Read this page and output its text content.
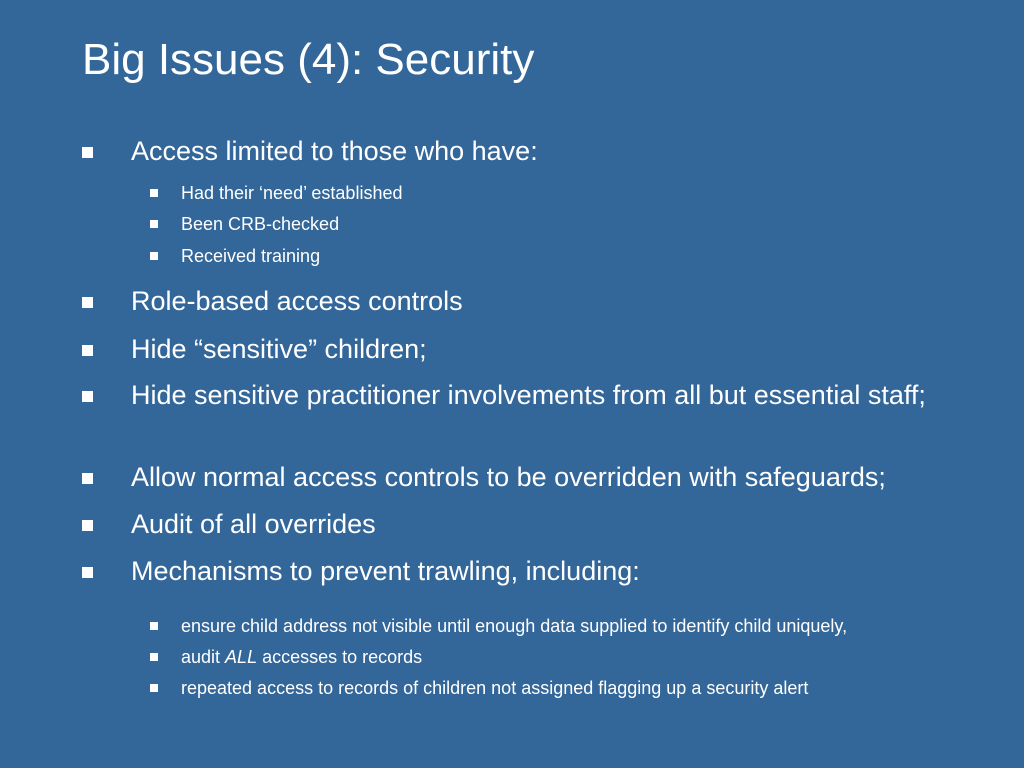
Big Issues (4): Security
Access limited to those who have:
Had their ‘need’ established
Been CRB-checked
Received training
Role-based access controls
Hide “sensitive” children;
Hide sensitive practitioner involvements from all but essential staff;
Allow normal access controls to be overridden with safeguards;
Audit of all overrides
Mechanisms to prevent trawling, including:
ensure child address not visible until enough data supplied to identify child uniquely,
audit ALL accesses to records
repeated access to records of children not assigned flagging up a security alert
